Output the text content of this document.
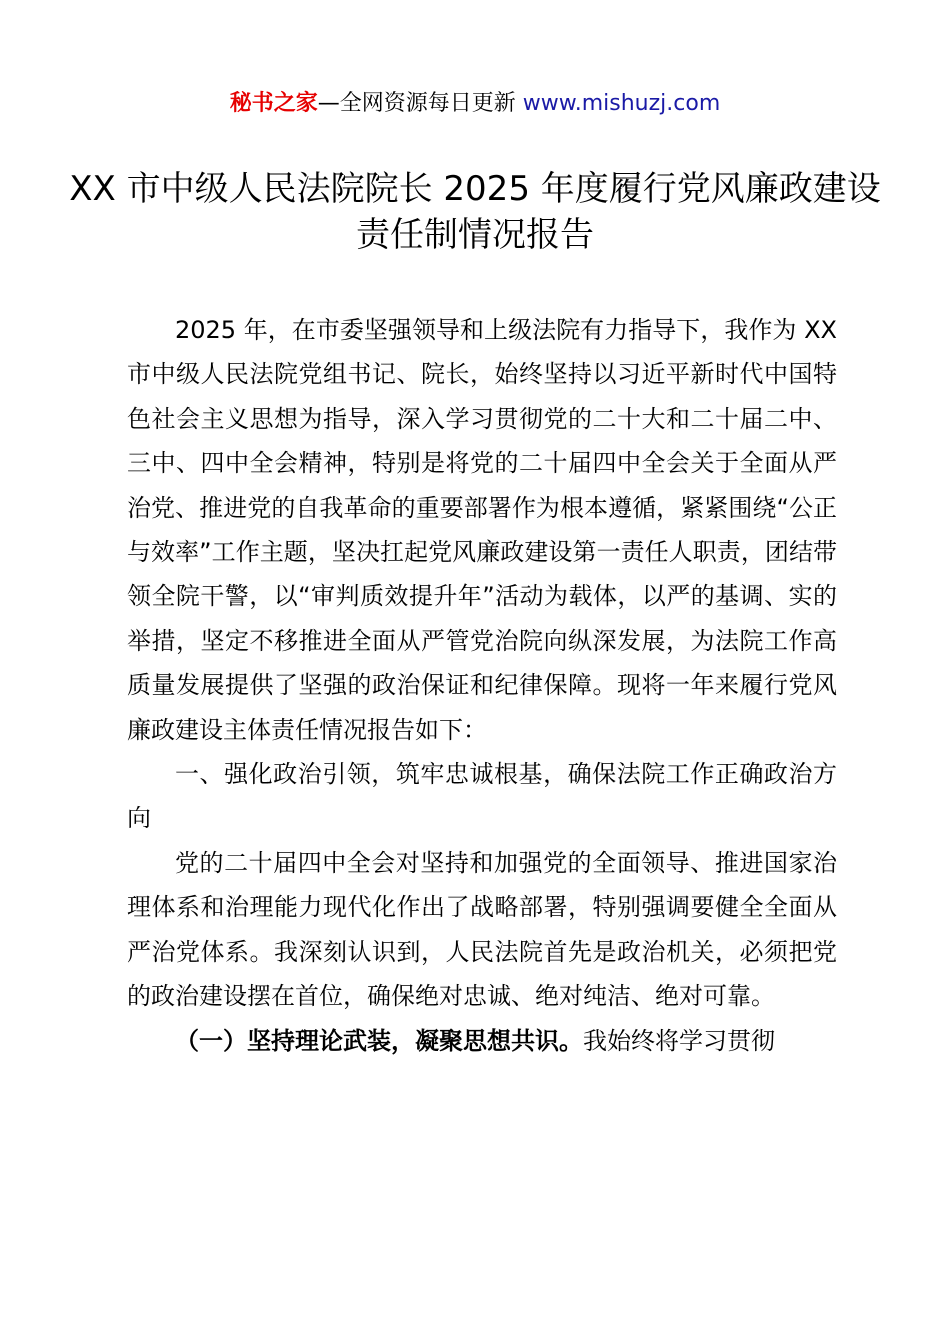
秘书之家—全网资源每日更新 www.mishuzj.com
XX 市中级人民法院院长 2025 年度履行党风廉政建设责任制情况报告

2025 年，在市委坚强领导和上级法院有力指导下，我作为 XX 市中级人民法院党组书记、院长，始终坚持以习近平新时代中国特色社会主义思想为指导，深入学习贯彻党的二十大和二十届二中、三中、四中全会精神，特别是将党的二十届四中全会关于全面从严治党、推进党的自我革命的重要部署作为根本遵循，紧紧围绕“公正与效率”工作主题，坚决扛起党风廉政建设第一责任人职责，团结带领全院干警，以“审判质效提升年”活动为载体，以严的基调、实的举措，坚定不移推进全面从严管党治院向纵深发展，为法院工作高质量发展提供了坚强的政治保证和纪律保障。现将一年来履行党风廉政建设主体责任情况报告如下：

一、强化政治引领，筑牢忠诚根基，确保法院工作正确政治方向

党的二十届四中全会对坚持和加强党的全面领导、推进国家治理体系和治理能力现代化作出了战略部署，特别强调要健全全面从严治党体系。我深刻认识到，人民法院首先是政治机关，必须把党的政治建设摆在首位，确保绝对忠诚、绝对纯洁、绝对可靠。

（一）坚持理论武装，凝聚思想共识。我始终将学习贯彻
